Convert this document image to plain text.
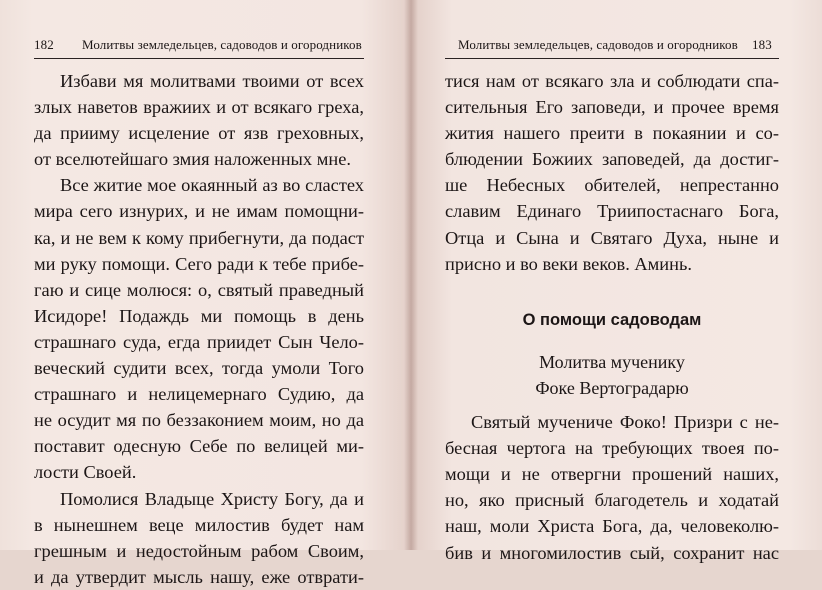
182 Молитвы земледельцев, садоводов и огородников
Избави мя молитвами твоими от всех
злых наветов вражиих и от всякаго греха,
да прииму исцеление от язв греховных,
от вселютейшаго змия наложенных мне.
Все житие мое окаянный аз во сластех
мира сего изнурих, и не имам помощни-
ка, и не вем к кому прибегнути, да подаст
ми руку помощи. Сего ради к тебе прибе-
гаю и сице молюся: о, святый праведный
Исидоре! Подаждь ми помощь в день
страшнаго суда, егда приидет Сын Чело-
веческий судити всех, тогда умоли Того
страшнаго и нелицемернаго Судию, да
не осудит мя по беззаконием моим, но да
поставит одесную Себе по велицей ми-
лости Своей.
Помолися Владыце Христу Богу, да и
в нынешнем веце милостив будет нам
грешным и недостойным рабом Своим,
и да утвердит мысль нашу, еже отврати-
Молитвы земледельцев, садоводов и огородников 183
тися нам от всякаго зла и соблюдати спа-
сительныя Его заповеди, и прочее время
жития нашего преити в покаянии и со-
блюдении Божиих заповедей, да достиг-
ше Небесных обителей, непрестанно
славим Единаго Триипостаснаго Бога,
Отца и Сына и Святаго Духа, ныне и
присно и во веки веков. Аминь.
О помощи садоводам
Молитва мученику
Фоке Вертоградарю
Святый мучениче Фоко! Призри с не-
бесная чертога на требующих твоея по-
мощи и не отвергни прошений наших,
но, яко присный благодетель и ходатай
наш, моли Христа Бога, да, человеколю-
бив и многомилостив сый, сохранит нас
